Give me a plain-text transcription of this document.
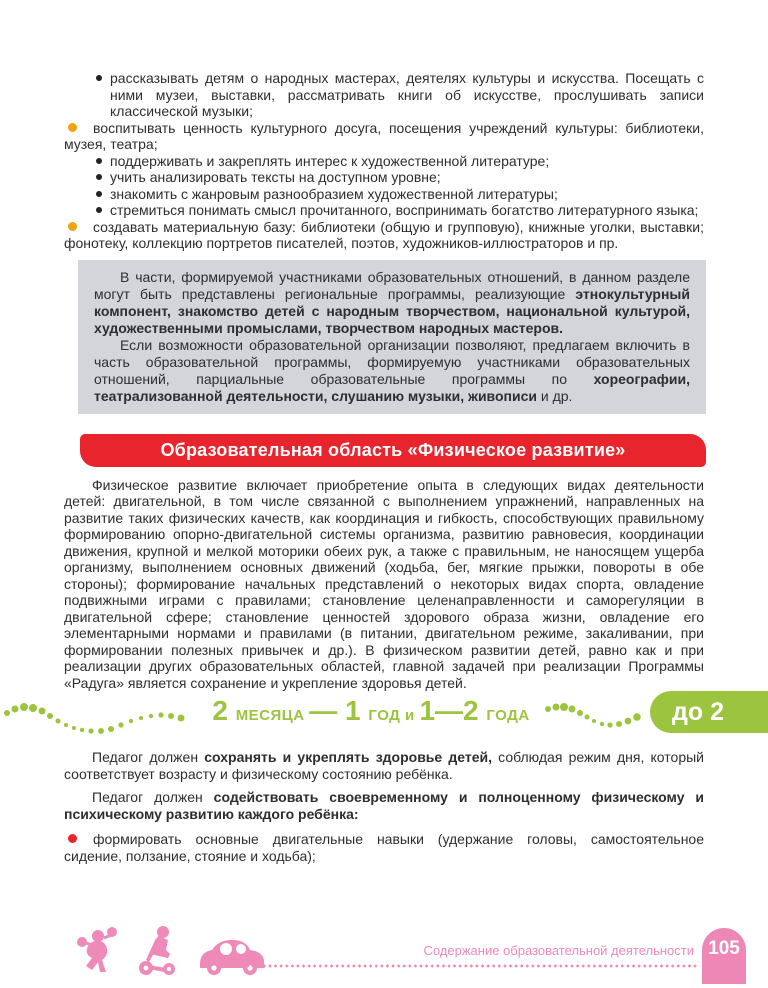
рассказывать детям о народных мастерах, деятелях культуры и искусства. Посещать с ними музеи, выставки, рассматривать книги об искусстве, прослушивать записи классической музыки;
воспитывать ценность культурного досуга, посещения учреждений культуры: библиотеки, музея, театра;
поддерживать и закреплять интерес к художественной литературе;
учить анализировать тексты на доступном уровне;
знакомить с жанровым разнообразием художественной литературы;
стремиться понимать смысл прочитанного, воспринимать богатство литературного языка;
создавать материальную базу: библиотеки (общую и групповую), книжные уголки, выставки; фонотеку, коллекцию портретов писателей, поэтов, художников-иллюстраторов и пр.

В части, формируемой участниками образовательных отношений, в данном разделе могут быть представлены региональные программы, реализующие этнокультурный компонент, знакомство детей с народным творчеством, национальной культурой, художественными промыслами, творчеством народных мастеров.

Если возможности образовательной организации позволяют, предлагаем включить в часть образовательной программы, формируемую участниками образовательных отношений, парциальные образовательные программы по хореографии, театрализованной деятельности, слушанию музыки, живописи и др.

Образовательная область «Физическое развитие»

Физическое развитие включает приобретение опыта в следующих видах деятельности детей: двигательной, в том числе связанной с выполнением упражнений, направленных на развитие таких физических качеств, как координация и гибкость, способствующих правильному формированию опорно-двигательной системы организма, развитию равновесия, координации движения, крупной и мелкой моторики обеих рук, а также с правильным, не наносящем ущерба организму, выполнением основных движений (ходьба, бег, мягкие прыжки, повороты в обе стороны); формирование начальных представлений о некоторых видах спорта, овладение подвижными играми с правилами; становление целенаправленности и саморегуляции в двигательной сфере; становление ценностей здорового образа жизни, овладение его элементарными нормами и правилами (в питании, двигательном режиме, закаливании, при формировании полезных привычек и др.). В физическом развитии детей, равно как и при реализации других образовательных областей, главной задачей при реализации Программы «Радуга» является сохранение и укрепление здоровья детей.

2 МЕСЯЦА — 1 ГОД и 1—2 ГОДА	до 2

Педагог должен сохранять и укреплять здоровье детей, соблюдая режим дня, который соответствует возрасту и физическому состоянию ребёнка.

Педагог должен содействовать своевременному и полноценному физическому и психическому развитию каждого ребёнка:

формировать основные двигательные навыки (удержание головы, самостоятельное сидение, ползание, стояние и ходьба);
Содержание образовательной деятельности 105
